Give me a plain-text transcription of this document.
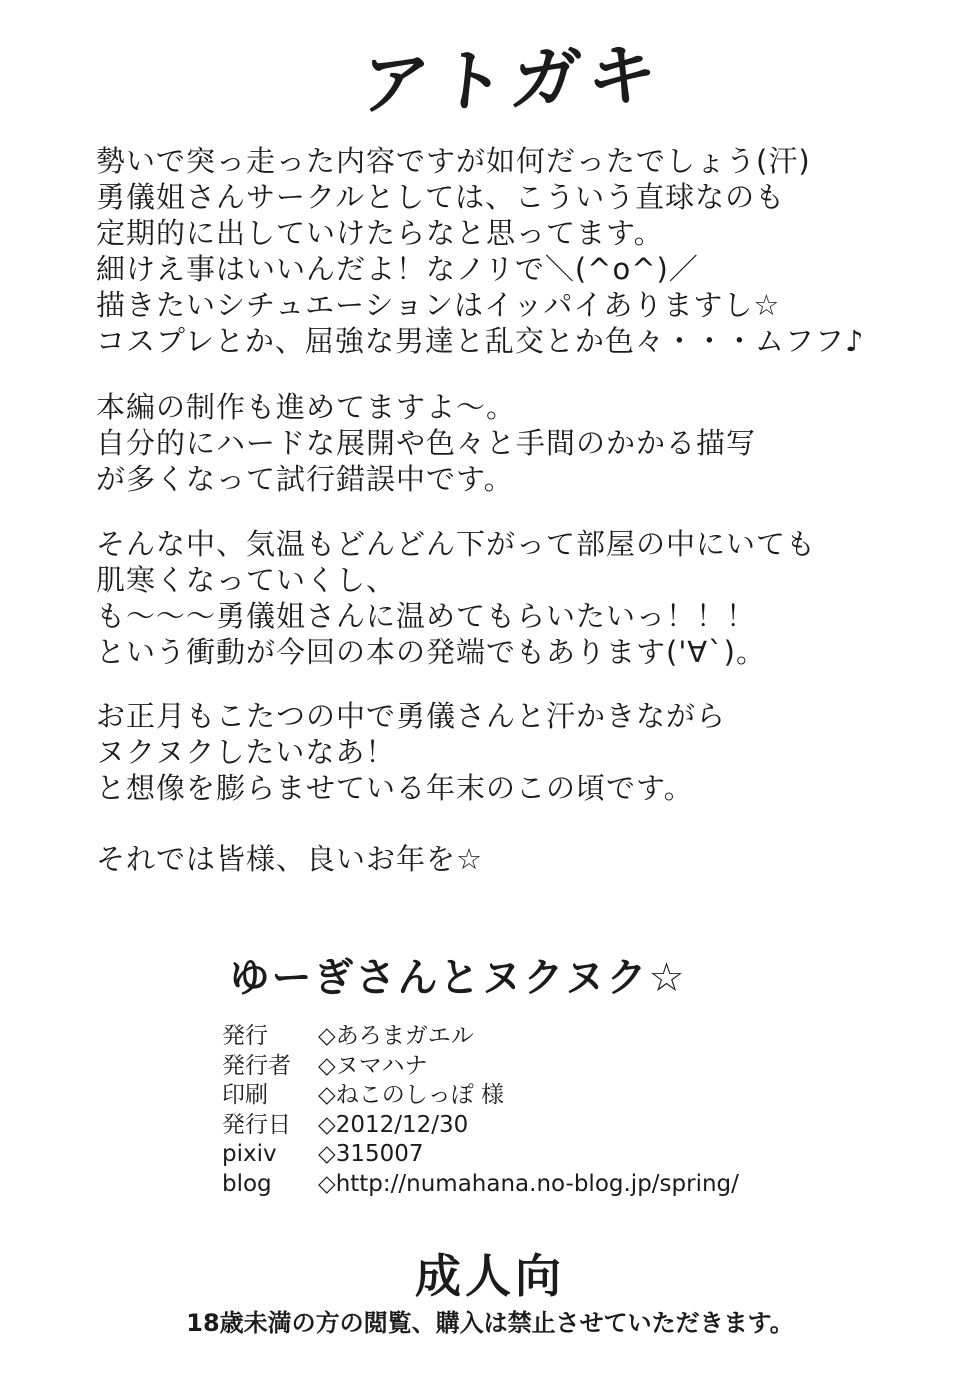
アトガキ
勢いで突っ走った内容ですが如何だったでしょう(汗)
勇儀姐さんサークルとしては、こういう直球なのも
定期的に出していけたらなと思ってます。
細けえ事はいいんだよ！なノリで＼(^o^)／
描きたいシチュエーションはイッパイありますし☆
コスプレとか、屈強な男達と乱交とか色々・・・ムフフ♪
本編の制作も進めてますよ～。
自分的にハードな展開や色々と手間のかかる描写
が多くなって試行錯誤中です。
そんな中、気温もどんどん下がって部屋の中にいても
肌寒くなっていくし、
も～～～勇儀姐さんに温めてもらいたいっ！！！
という衝動が今回の本の発端でもあります('∀`)。
お正月もこたつの中で勇儀さんと汗かきながら
ヌクヌクしたいなあ！
と想像を膨らませている年末のこの頃です。
それでは皆様、良いお年を☆
ゆーぎさんとヌクヌク☆
発行	◇あろまガエル
発行者	◇ヌマハナ
印刷	◇ねこのしっぽ 様
発行日	◇2012/12/30
pixiv	◇315007
blog	◇http://numahana.no-blog.jp/spring/
成人向
18歳未満の方の閲覧、購入は禁止させていただきます。
